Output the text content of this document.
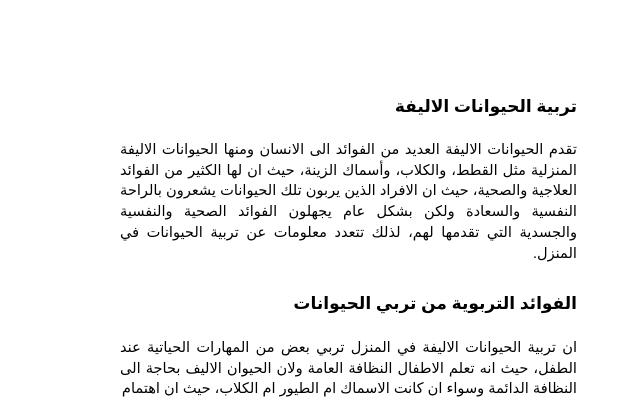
تربية الحيوانات الاليفة

تقدم الحيوانات الاليفة العديد من الفوائد الى الانسان ومنها الحيوانات الاليفة المنزلية مثل القطط، والكلاب، وأسماك الزينة، حيث ان لها الكثير من الفوائد العلاجية والصحية، حيث ان الافراد الذين يربون تلك الحيوانات يشعرون بالراحة النفسية والسعادة ولكن بشكل عام يجهلون الفوائد الصحية والنفسية والجسدية التي تقدمها لهم، لذلك تتعدد معلومات عن تربية الحيوانات في المنزل.

الفوائد التربوية من تربي الحيوانات

ان تربية الحيوانات الاليفة في المنزل تربي بعض من المهارات الحياتية عند الطفل، حيث انه تعلم الاطفال النظافة العامة ولان الحيوان الاليف بحاجة الى النظافة الدائمة وسواء ان كانت الاسماك ام الطيور ام الكلاب، حيث ان اهتمام
